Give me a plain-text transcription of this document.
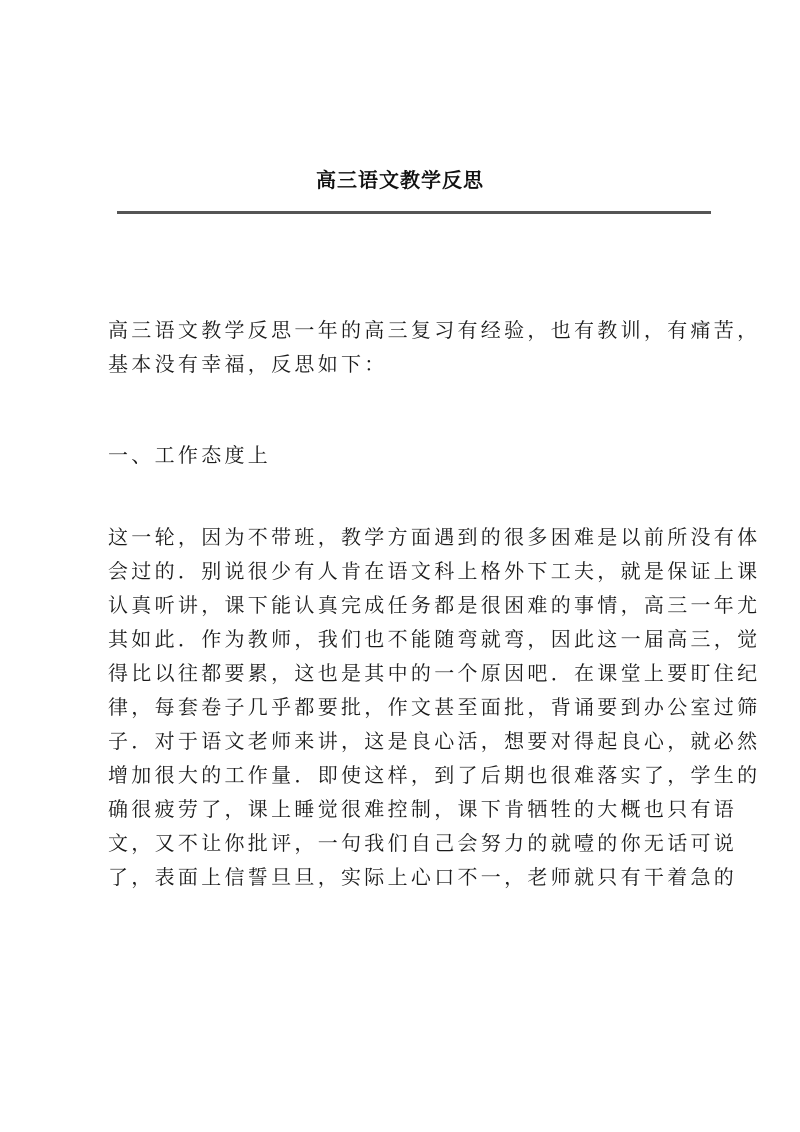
高三语文教学反思
高三语文教学反思一年的高三复习有经验，也有教训，有痛苦，
基本没有幸福，反思如下：
一、工作态度上
这一轮，因为不带班，教学方面遇到的很多困难是以前所没有体
会过的．别说很少有人肯在语文科上格外下工夫，就是保证上课
认真听讲，课下能认真完成任务都是很困难的事情，高三一年尤
其如此．作为教师，我们也不能随弯就弯，因此这一届高三，觉
得比以往都要累，这也是其中的一个原因吧．在课堂上要盯住纪
律，每套卷子几乎都要批，作文甚至面批，背诵要到办公室过筛
子．对于语文老师来讲，这是良心活，想要对得起良心，就必然
增加很大的工作量．即使这样，到了后期也很难落实了，学生的
确很疲劳了，课上睡觉很难控制，课下肯牺牲的大概也只有语
文，又不让你批评，一句我们自己会努力的就噎的你无话可说
了，表面上信誓旦旦，实际上心口不一，老师就只有干着急的
